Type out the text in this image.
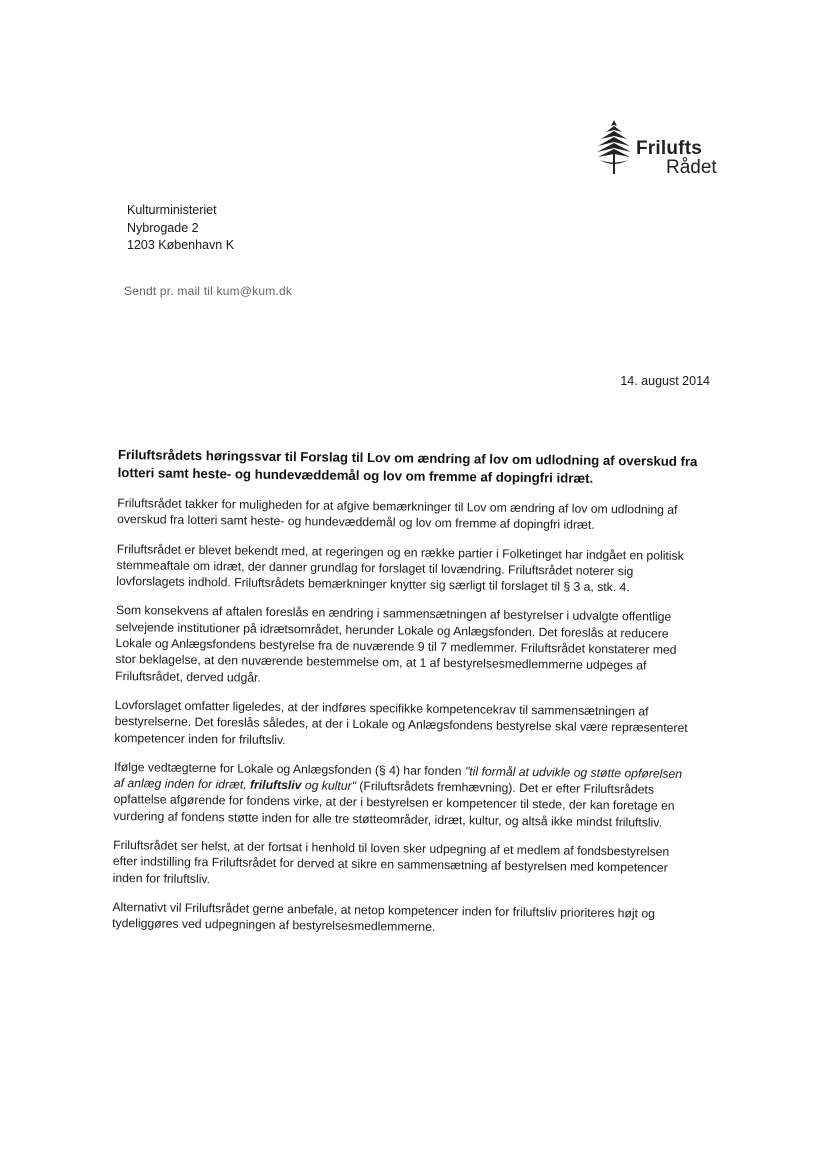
Frilufts
Rådet
Kulturministeriet
Nybrogade 2
1203 København K
Sendt pr. mail til kum@kum.dk
14. august 2014

Friluftsrådets høringssvar til Forslag til Lov om ændring af lov om udlodning af overskud fra lotteri samt heste- og hundevæddemål og lov om fremme af dopingfri idræt.

Friluftsrådet takker for muligheden for at afgive bemærkninger til Lov om ændring af lov om udlodning af overskud fra lotteri samt heste- og hundevæddemål og lov om fremme af dopingfri idræt.

Friluftsrådet er blevet bekendt med, at regeringen og en række partier i Folketinget har indgået en politisk stemmeaftale om idræt, der danner grundlag for forslaget til lovændring. Friluftsrådet noterer sig lovforslagets indhold. Friluftsrådets bemærkninger knytter sig særligt til forslaget til § 3 a, stk. 4.

Som konsekvens af aftalen foreslås en ændring i sammensætningen af bestyrelser i udvalgte offentlige selvejende institutioner på idrætsområdet, herunder Lokale og Anlægsfonden. Det foreslås at reducere Lokale og Anlægsfondens bestyrelse fra de nuværende 9 til 7 medlemmer. Friluftsrådet konstaterer med stor beklagelse, at den nuværende bestemmelse om, at 1 af bestyrelsesmedlemmerne udpeges af Friluftsrådet, derved udgår.

Lovforslaget omfatter ligeledes, at der indføres specifikke kompetencekrav til sammensætningen af bestyrelserne. Det foreslås således, at der i Lokale og Anlægsfondens bestyrelse skal være repræsenteret kompetencer inden for friluftsliv.

Ifølge vedtægterne for Lokale og Anlægsfonden (§ 4) har fonden "til formål at udvikle og støtte opførelsen af anlæg inden for idræt, friluftsliv og kultur" (Friluftsrådets fremhævning). Det er efter Friluftsrådets opfattelse afgørende for fondens virke, at der i bestyrelsen er kompetencer til stede, der kan foretage en vurdering af fondens støtte inden for alle tre støtteområder, idræt, kultur, og altså ikke mindst friluftsliv.

Friluftsrådet ser helst, at der fortsat i henhold til loven sker udpegning af et medlem af fondsbestyrelsen efter indstilling fra Friluftsrådet for derved at sikre en sammensætning af bestyrelsen med kompetencer inden for friluftsliv.

Alternativt vil Friluftsrådet gerne anbefale, at netop kompetencer inden for friluftsliv prioriteres højt og tydeliggøres ved udpegningen af bestyrelsesmedlemmerne.
